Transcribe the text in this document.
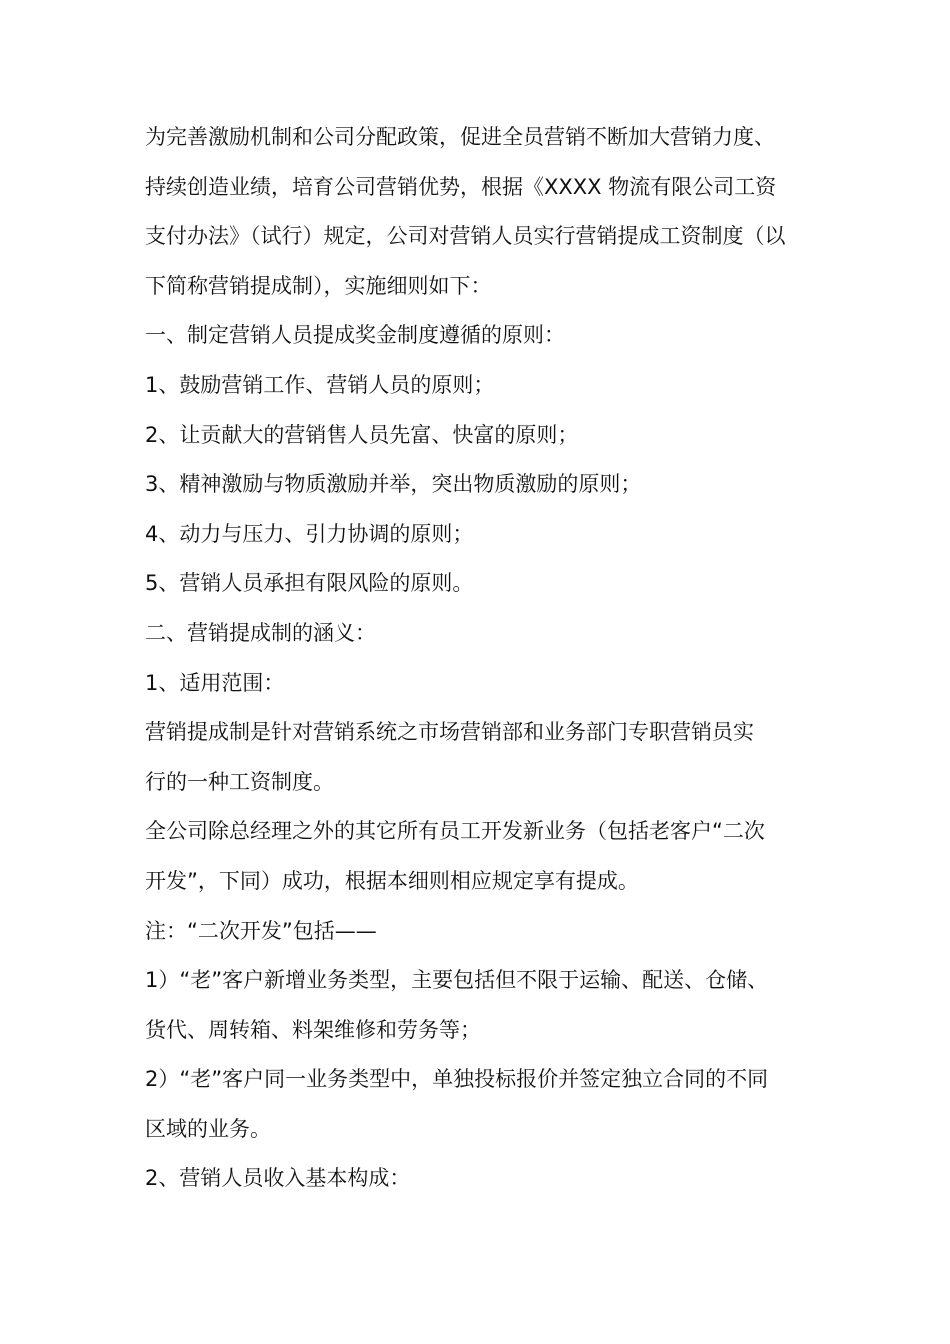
为完善激励机制和公司分配政策，促进全员营销不断加大营销力度、
持续创造业绩，培育公司营销优势，根据《XXXX 物流有限公司工资
支付办法》（试行）规定，公司对营销人员实行营销提成工资制度（以
下简称营销提成制），实施细则如下：
一、制定营销人员提成奖金制度遵循的原则：
1、鼓励营销工作、营销人员的原则；
2、让贡献大的营销售人员先富、快富的原则；
3、精神激励与物质激励并举，突出物质激励的原则；
4、动力与压力、引力协调的原则；
5、营销人员承担有限风险的原则。
二、营销提成制的涵义：
1、适用范围：
营销提成制是针对营销系统之市场营销部和业务部门专职营销员实
行的一种工资制度。
全公司除总经理之外的其它所有员工开发新业务（包括老客户“二次
开发”，下同）成功，根据本细则相应规定享有提成。
注：“二次开发”包括——
1）“老”客户新增业务类型，主要包括但不限于运输、配送、仓储、
货代、周转箱、料架维修和劳务等；
2）“老”客户同一业务类型中，单独投标报价并签定独立合同的不同
区域的业务。
2、营销人员收入基本构成：
